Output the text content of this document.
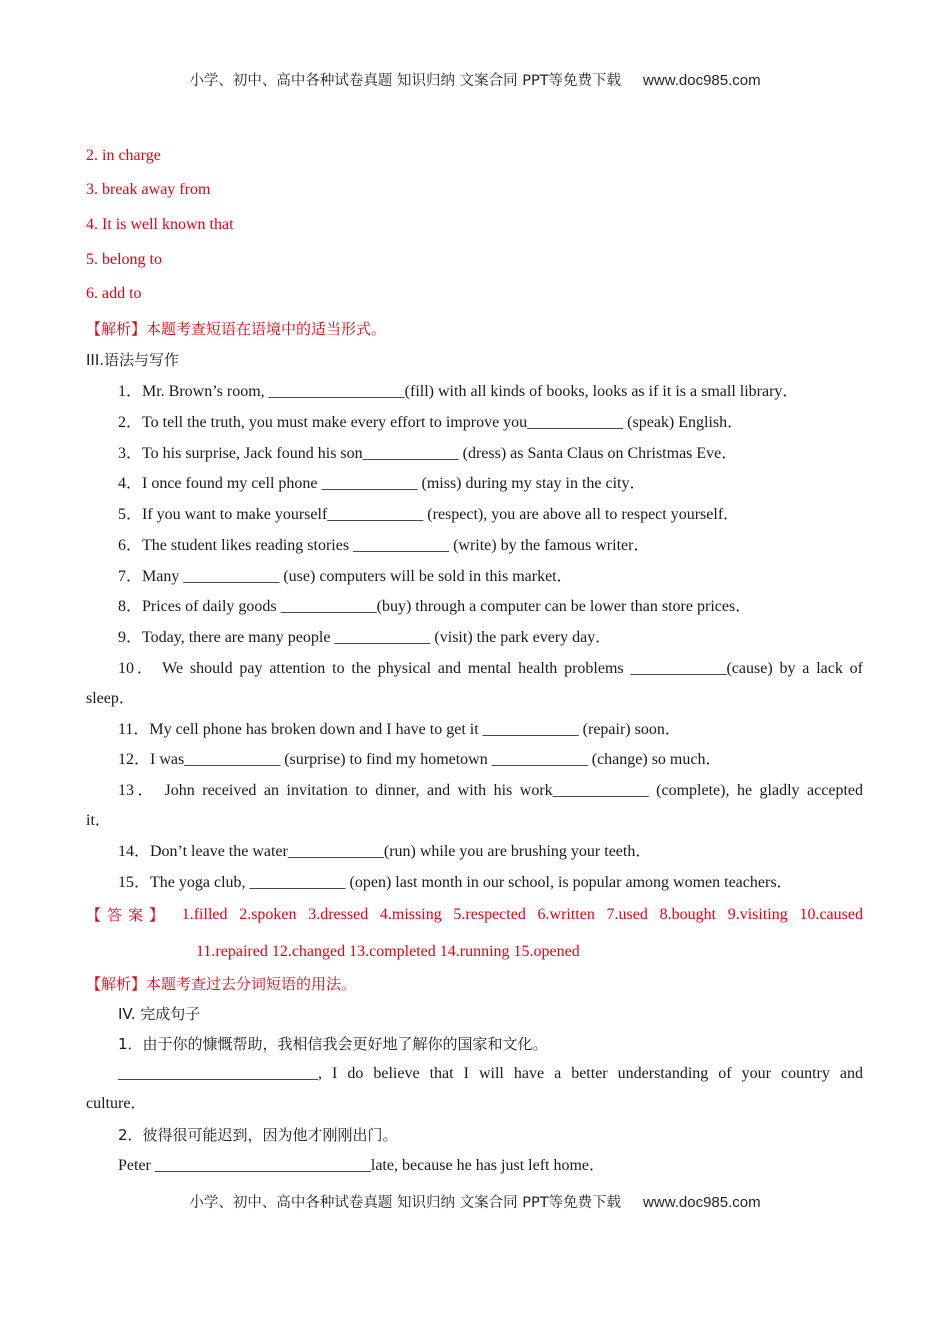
小学、初中、高中各种试卷真题 知识归纳 文案合同 PPT等免费下载 www.doc985.com
2. in charge
3. break away from
4. It is well known that
5. belong to
6. add to
【解析】本题考查短语在语境中的适当形式。
III.语法与写作
1．Mr. Brown’s room, _________________(fill) with all kinds of books, looks as if it is a small library．
2．To tell the truth, you must make every effort to improve you____________ (speak) English．
3．To his surprise, Jack found his son____________ (dress) as Santa Claus on Christmas Eve．
4．I once found my cell phone ____________ (miss) during my stay in the city．
5．If you want to make yourself____________ (respect), you are above all to respect yourself．
6．The student likes reading stories ____________ (write) by the famous writer．
7．Many ____________ (use) computers will be sold in this market．
8．Prices of daily goods ____________(buy) through a computer can be lower than store prices．
9．Today, there are many people ____________ (visit) the park every day．
10． We should pay attention to the physical and mental health problems ____________(cause) by a lack of
sleep．
11．My cell phone has broken down and I have to get it ____________ (repair) soon．
12．I was____________ (surprise) to find my hometown ____________ (change) so much．
13． John received an invitation to dinner, and with his work____________ (complete), he gladly accepted
it．
14．Don’t leave the water____________(run) while you are brushing your teeth．
15．The yoga club, ____________ (open) last month in our school, is popular among women teachers．
【答案】 1.filled 2.spoken 3.dressed 4.missing 5.respected 6.written 7.used 8.bought 9.visiting 10.caused
11.repaired 12.changed 13.completed 14.running 15.opened
【解析】本题考查过去分词短语的用法。
IV. 完成句子
1．由于你的慷慨帮助，我相信我会更好地了解你的国家和文化。
_________________________, I do believe that I will have a better understanding of your country and
culture．
2．彼得很可能迟到，因为他才刚刚出门。
Peter ___________________________late, because he has just left home．
小学、初中、高中各种试卷真题 知识归纳 文案合同 PPT等免费下载 www.doc985.com
